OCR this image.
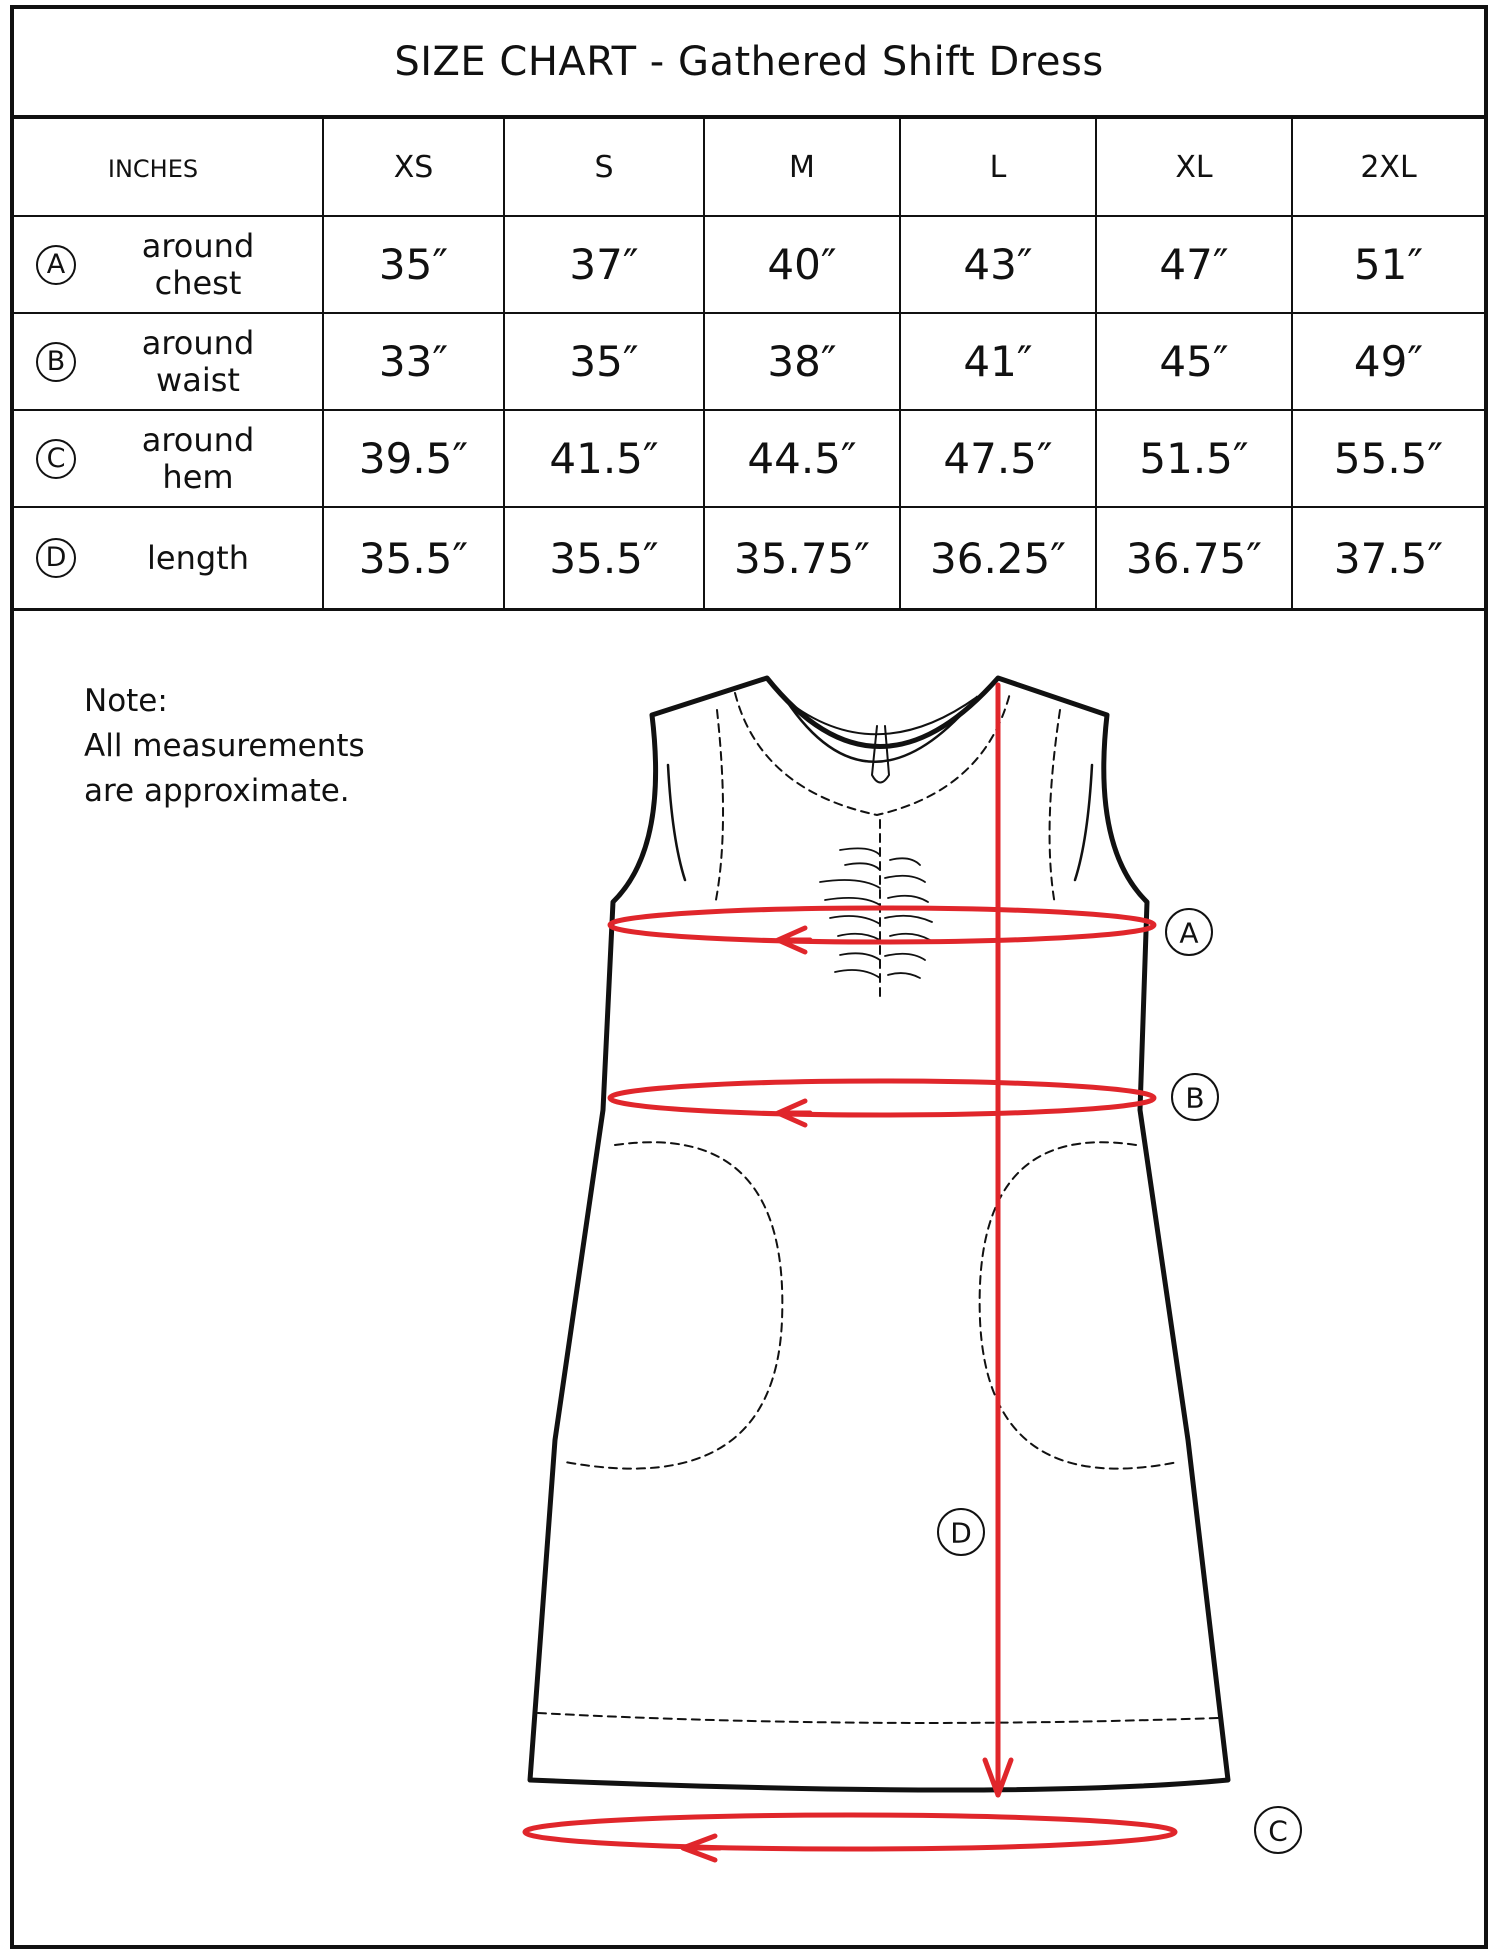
SIZE CHART - Gathered Shift Dress
INCHES	XS	S	M	L	XL	2XL

A around
chest	35″	37″	40″	43″	47″	51″

B around
waist	33″	35″	38″	41″	45″	49″

C around
hem	39.5″	41.5″	44.5″	47.5″	51.5″	55.5″

D length	35.5″	35.5″	35.75″	36.25″	36.75″	37.5″
Note:
All measurements
are approximate.
A
B
C
D
